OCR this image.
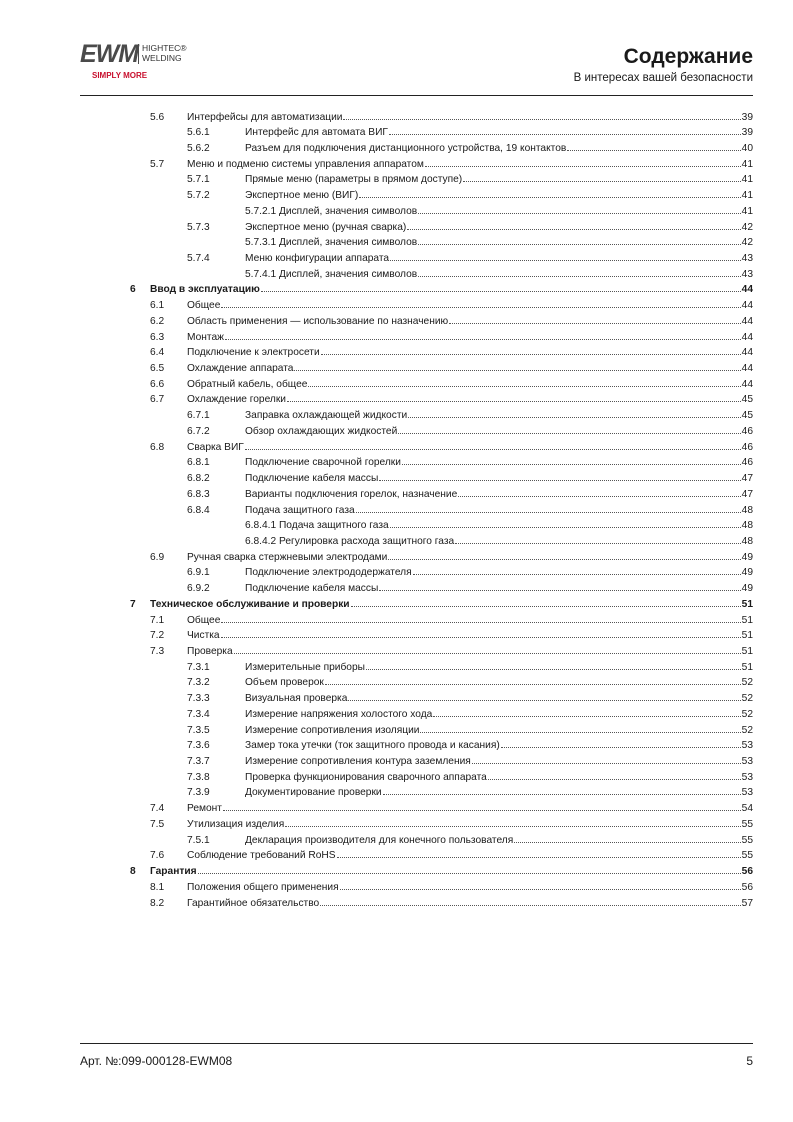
EWM HIGHTEC®
WELDING
SIMPLY MORE
Содержание
В интересах вашей безопасности
5.6 Интерфейсы для автоматизации	39
5.6.1	Интерфейс для автомата ВИГ	39
5.6.2	Разъем для подключения дистанционного устройства, 19 контактов	40
5.7 Меню и подменю системы управления аппаратом	41
5.7.1	Прямые меню (параметры в прямом доступе)	41
5.7.2	Экспертное меню (ВИГ)	41
5.7.2.1 Дисплей, значения символов	41
5.7.3	Экспертное меню (ручная сварка)	42
5.7.3.1 Дисплей, значения символов	42
5.7.4	Меню конфигурации аппарата	43
5.7.4.1 Дисплей, значения символов	43
6 Ввод в эксплуатацию	44
6.1 Общее	44
6.2 Область применения — использование по назначению	44
6.3 Монтаж	44
6.4 Подключение к электросети	44
6.5 Охлаждение аппарата	44
6.6 Обратный кабель, общее	44
6.7 Охлаждение горелки	45
6.7.1	Заправка охлаждающей жидкости	45
6.7.2	Обзор охлаждающих жидкостей	46
6.8 Сварка ВИГ	46
6.8.1	Подключение сварочной горелки	46
6.8.2	Подключение кабеля массы	47
6.8.3	Варианты подключения горелок, назначение	47
6.8.4	Подача защитного газа	48
6.8.4.1 Подача защитного газа	48
6.8.4.2 Регулировка расхода защитного газа	48
6.9 Ручная сварка стержневыми электродами	49
6.9.1	Подключение электрододержателя	49
6.9.2	Подключение кабеля массы	49
7 Техническое обслуживание и проверки	51
7.1 Общее	51
7.2 Чистка	51
7.3 Проверка	51
7.3.1	Измерительные приборы	51
7.3.2	Объем проверок	52
7.3.3	Визуальная проверка	52
7.3.4	Измерение напряжения холостого хода	52
7.3.5	Измерение сопротивления изоляции	52
7.3.6	Замер тока утечки (ток защитного провода и касания)	53
7.3.7	Измерение сопротивления контура заземления	53
7.3.8	Проверка функционирования сварочного аппарата	53
7.3.9	Документирование проверки	53
7.4 Ремонт	54
7.5 Утилизация изделия	55
7.5.1	Декларация производителя для конечного пользователя	55
7.6 Соблюдение требований RoHS	55
8 Гарантия	56
8.1 Положения общего применения	56
8.2 Гарантийное обязательство	57
Арт. №:099-000128-EWM08	5
